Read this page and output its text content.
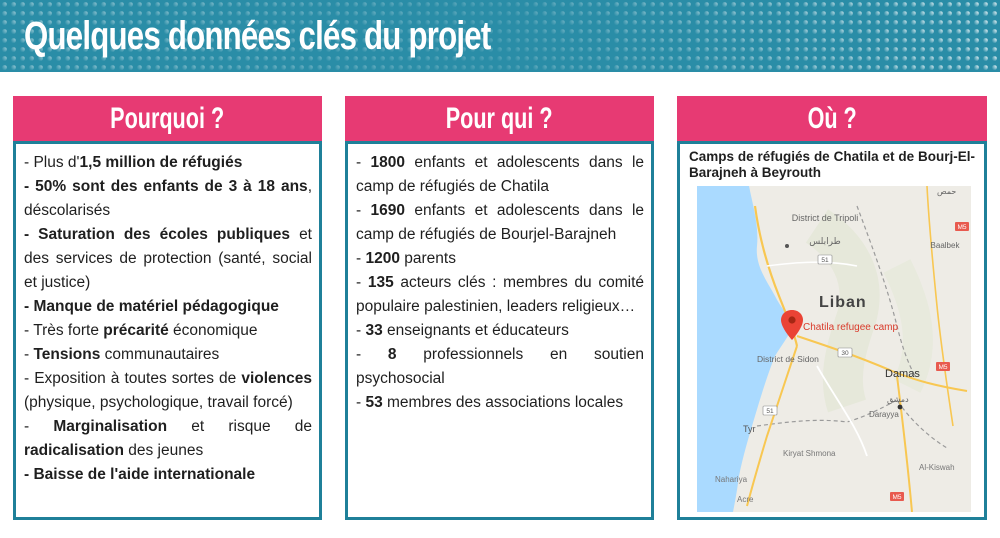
Quelques données clés du projet
Pourquoi ?

- Plus d'1,5 million de réfugiés

- 50% sont des enfants de 3 à 18 ans, déscolarisés

- Saturation des écoles publiques et des services de protection (santé, social et justice)

- Manque de matériel pédagogique

- Très forte précarité économique

- Tensions communautaires

- Exposition à toutes sortes de violences (physique, psychologique, travail forcé)

- Marginalisation et risque de radicalisation des jeunes

- Baisse de l'aide internationale

Pour qui ?

- 1800 enfants et adolescents dans le camp de réfugiés de Chatila

- 1690 enfants et adolescents dans le camp de réfugiés de Bourjel-Barajneh

- 1200 parents

- 135 acteurs clés : membres du comité populaire palestinien, leaders religieux…

- 33 enseignants et éducateurs

- 8 professionnels en soutien psychosocial

- 53 membres des associations locales

Où ?
Camps de réfugiés de Chatila et de Bourj-El-Barajneh à Beyrouth
51
51
30
M5
M5
M5
District de Tripoli
طرابلس
حمص
Baalbek
District de Sidon
دمشق
Darayya
Tyr
Kiryat Shmona
Nahariya
Acre
Al-Kiswah
Liban
Chatila refugee camp
Damas
